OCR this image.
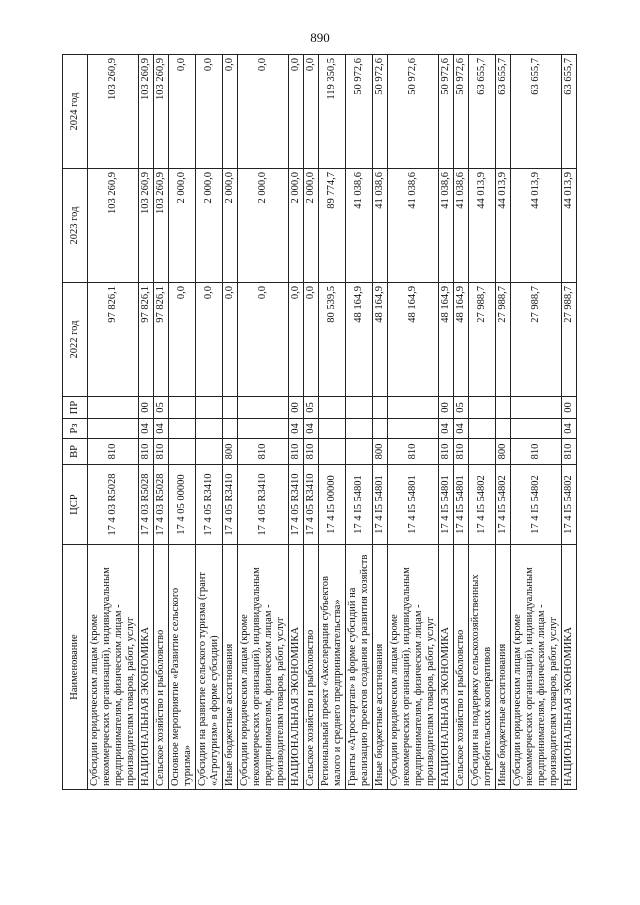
890
Наименование	ЦСР	ВР	Рз	ПР	2022 год	2023 год	2024 год
Субсидии юридическим лицам (кроме некоммерческих организаций), индивидуальным предпринимателям, физическим лицам - производителям товаров, работ, услуг	17 4 03 R5028	810			97 826,1	103 260,9	103 260,9
НАЦИОНАЛЬНАЯ ЭКОНОМИКА	17 4 03 R5028	810	04	00	97 826,1	103 260,9	103 260,9
Сельское хозяйство и рыболовство	17 4 03 R5028	810	04	05	97 826,1	103 260,9	103 260,9
Основное мероприятие «Развитие сельского туризма»	17 4 05 00000				0,0	2 000,0	0,0
Субсидии на развитие сельского туризма (грант «Агротуризм» в форме субсидии)	17 4 05 R3410				0,0	2 000,0	0,0
Иные бюджетные ассигнования	17 4 05 R3410	800			0,0	2 000,0	0,0
Субсидии юридическим лицам (кроме некоммерческих организаций), индивидуальным предпринимателям, физическим лицам - производителям товаров, работ, услуг	17 4 05 R3410	810			0,0	2 000,0	0,0
НАЦИОНАЛЬНАЯ ЭКОНОМИКА	17 4 05 R3410	810	04	00	0,0	2 000,0	0,0
Сельское хозяйство и рыболовство	17 4 05 R3410	810	04	05	0,0	2 000,0	0,0
Региональный проект «Акселерация субъектов малого и среднего предпринимательства»	17 4 I5 00000				80 539,5	89 774,7	119 350,5
Гранты «Агростартап» в форме субсидий на реализацию проектов создания и развития хозяйств	17 4 I5 54801				48 164,9	41 038,6	50 972,6
Иные бюджетные ассигнования	17 4 I5 54801	800			48 164,9	41 038,6	50 972,6
Субсидии юридическим лицам (кроме некоммерческих организаций), индивидуальным предпринимателям, физическим лицам - производителям товаров, работ, услуг	17 4 I5 54801	810			48 164,9	41 038,6	50 972,6
НАЦИОНАЛЬНАЯ ЭКОНОМИКА	17 4 I5 54801	810	04	00	48 164,9	41 038,6	50 972,6
Сельское хозяйство и рыболовство	17 4 I5 54801	810	04	05	48 164,9	41 038,6	50 972,6
Субсидии на поддержку сельскохозяйственных потребительских кооперативов	17 4 I5 54802				27 988,7	44 013,9	63 655,7
Иные бюджетные ассигнования	17 4 I5 54802	800			27 988,7	44 013,9	63 655,7
Субсидии юридическим лицам (кроме некоммерческих организаций), индивидуальным предпринимателям, физическим лицам - производителям товаров, работ, услуг	17 4 I5 54802	810			27 988,7	44 013,9	63 655,7
НАЦИОНАЛЬНАЯ ЭКОНОМИКА	17 4 I5 54802	810	04	00	27 988,7	44 013,9	63 655,7
